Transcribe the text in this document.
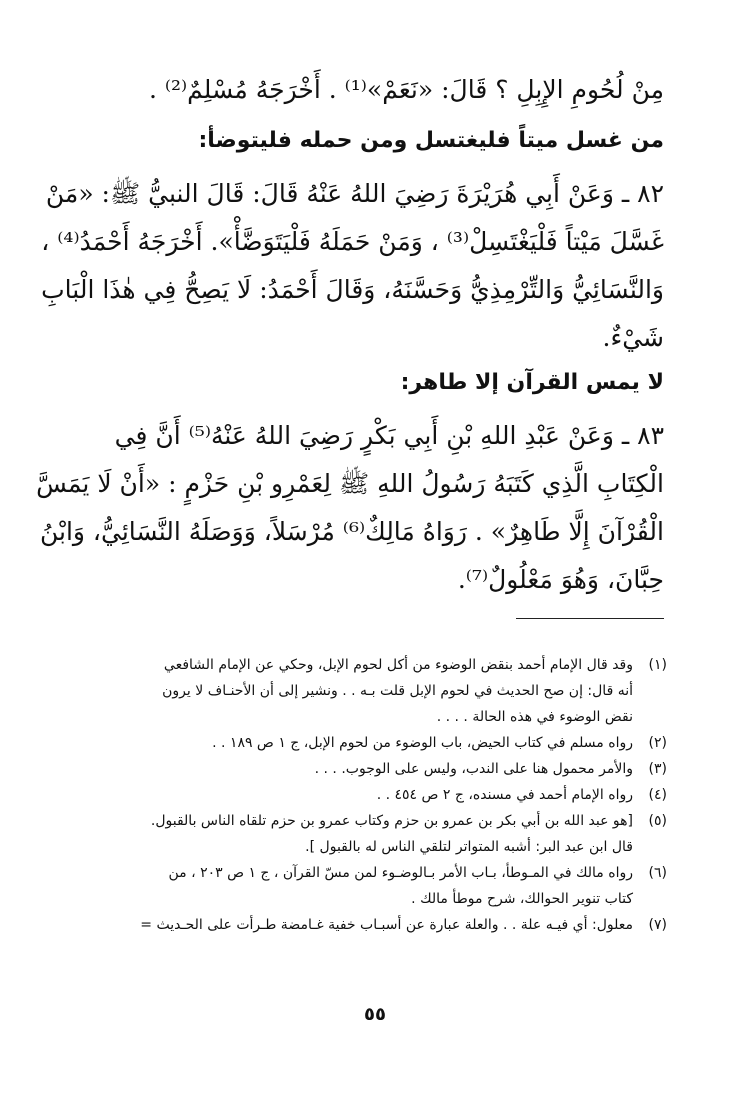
مِنْ لُحُومِ الإِبِلِ ؟ قَالَ: «نَعَمْ»⁽¹⁾ . أَخْرَجَهُ مُسْلِمٌ⁽²⁾ .
من غسل ميتاً فليغتسل ومن حمله فليتوضأ:
٨٢ ـ وَعَنْ أَبِي هُرَيْرَةَ رَضِيَ اللهُ عَنْهُ قَالَ: قَالَ النبيُّ ﷺ: «مَنْ
غَسَّلَ مَيْتاً فَلْيَغْتَسِلْ⁽³⁾ ، وَمَنْ حَمَلَهُ فَلْيَتَوَضَّأْ». أَخْرَجَهُ أَحْمَدُ⁽⁴⁾ ،
وَالنَّسَائِيُّ وَالتِّرْمِذِيُّ وَحَسَّنَهُ، وَقَالَ أَحْمَدُ: لَا يَصِحُّ فِي هٰذَا الْبَابِ
شَيْءٌ.
لا يمس القرآن إلا طاهر:
٨٣ ـ وَعَنْ عَبْدِ اللهِ بْنِ أَبِي بَكْرٍ رَضِيَ اللهُ عَنْهُ⁽⁵⁾ أَنَّ فِي
الْكِتَابِ الَّذِي كَتَبَهُ رَسُولُ اللهِ ﷺ لِعَمْرِو بْنِ حَزْمٍ : «أَنْ لَا يَمَسَّ
الْقُرْآنَ إِلَّا طَاهِرٌ» . رَوَاهُ مَالِكٌ⁽⁶⁾ مُرْسَلاً، وَوَصَلَهُ النَّسَائِيُّ، وَابْنُ
حِبَّانَ، وَهُوَ مَعْلُولٌ⁽⁷⁾.
(١)
وقد قال الإمام أحمد بنقض الوضوء من أكل لحوم الإبل، وحكي عن الإمام الشافعي
أنه قال: إن صح الحديث في لحوم الإبل قلت بـه . . ونشير إلى أن الأحنـاف لا يرون
نقض الوضوء في هذه الحالة . . . .
(٢)
رواه مسلم في كتاب الحيض، باب الوضوء من لحوم الإبل، ج ١ ص ١٨٩ . .
(٣)
والأمر محمول هنا على الندب، وليس على الوجوب. . . .
(٤)
رواه الإمام أحمد في مسنده، ج ٢ ص ٤٥٤ . .
(٥)
[هو عبد الله بن أبي بكر بن عمرو بن حزم وكتاب عمرو بن حزم تلقاه الناس بالقبول.
قال ابن عبد البر: أشبه المتواتر لتلقي الناس له بالقبول ].
(٦)
رواه مالك في المـوطأ، بـاب الأمر بـالوضـوء لمن مسّ القرآن ، ج ١ ص ٢٠٣ ، من
كتاب تنوير الحوالك، شرح موطأ مالك .
(٧)
معلول: أي فيـه علة . . والعلة عبارة عن أسبـاب خفية غـامضة طـرأت على الحـديث =
٥٥
